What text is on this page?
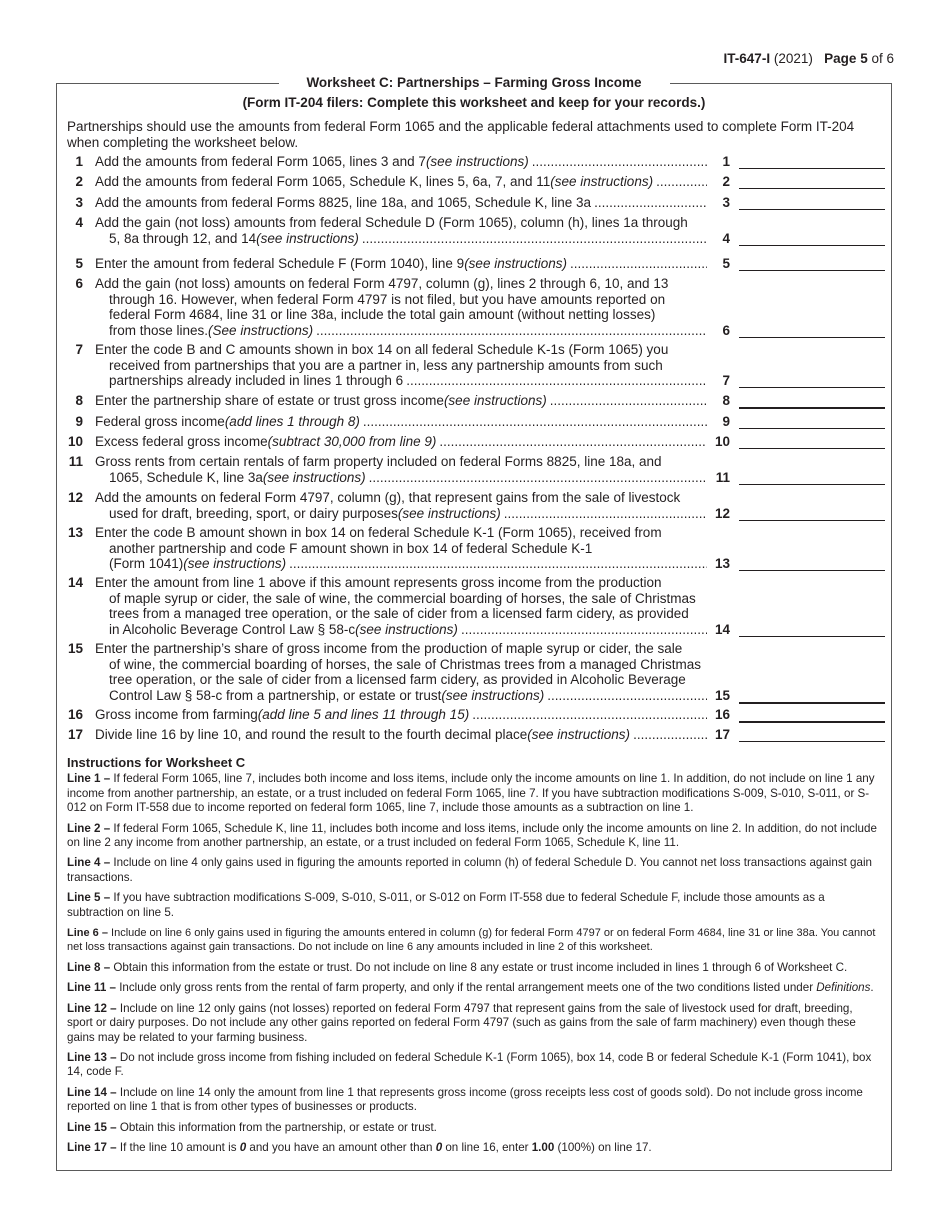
IT-647-I (2021) Page 5 of 6
Worksheet C: Partnerships – Farming Gross Income
(Form IT-204 filers: Complete this worksheet and keep for your records.)
Partnerships should use the amounts from federal Form 1065 and the applicable federal attachments used to complete Form IT-204 when completing the worksheet below.
1 Add the amounts from federal Form 1065, lines 3 and 7 (see instructions) .....	1
2 Add the amounts from federal Form 1065, Schedule K, lines 5, 6a, 7, and 11 (see instructions) .....	2
3 Add the amounts from federal Forms 8825, line 18a, and 1065, Schedule K, line 3a .....	3
4 Add the gain (not loss) amounts from federal Schedule D (Form 1065), column (h), lines 1a through
5, 8a through 12, and 14 (see instructions) .....	4
5 Enter the amount from federal Schedule F (Form 1040), line 9 (see instructions) .....	5
6 Add the gain (not loss) amounts on federal Form 4797, column (g), lines 2 through 6, 10, and 13
through 16. However, when federal Form 4797 is not filed, but you have amounts reported on
federal Form 4684, line 31 or line 38a, include the total gain amount (without netting losses)
from those lines. (See instructions) .....	6
7 Enter the code B and C amounts shown in box 14 on all federal Schedule K-1s (Form 1065) you
received from partnerships that you are a partner in, less any partnership amounts from such
partnerships already included in lines 1 through 6 .....	7
8 Enter the partnership share of estate or trust gross income (see instructions) .....	8
9 Federal gross income (add lines 1 through 8) .....	9
10 Excess federal gross income (subtract 30,000 from line 9) .....	10
11 Gross rents from certain rentals of farm property included on federal Forms 8825, line 18a, and
1065, Schedule K, line 3a (see instructions) .....	11
12 Add the amounts on federal Form 4797, column (g), that represent gains from the sale of livestock
used for draft, breeding, sport, or dairy purposes (see instructions) .....	12
13 Enter the code B amount shown in box 14 on federal Schedule K-1 (Form 1065), received from
another partnership and code F amount shown in box 14 of federal Schedule K-1
(Form 1041) (see instructions) .....	13
14 Enter the amount from line 1 above if this amount represents gross income from the production
of maple syrup or cider, the sale of wine, the commercial boarding of horses, the sale of Christmas
trees from a managed tree operation, or the sale of cider from a licensed farm cidery, as provided
in Alcoholic Beverage Control Law § 58-c (see instructions) .....	14
15 Enter the partnership’s share of gross income from the production of maple syrup or cider, the sale
of wine, the commercial boarding of horses, the sale of Christmas trees from a managed Christmas
tree operation, or the sale of cider from a licensed farm cidery, as provided in Alcoholic Beverage
Control Law § 58-c from a partnership, or estate or trust (see instructions) .....	15
16 Gross income from farming (add line 5 and lines 11 through 15) .....	16
17 Divide line 16 by line 10, and round the result to the fourth decimal place (see instructions) .....	17
Instructions for Worksheet C

Line 1 – If federal Form 1065, line 7, includes both income and loss items, include only the income amounts on line 1. In addition, do not include on line 1 any income from another partnership, an estate, or a trust included on federal Form 1065, line 7. If you have subtraction modifications S-009, S-010, S-011, or S-012 on Form IT-558 due to income reported on federal form 1065, line 7, include those amounts as a subtraction on line 1.

Line 2 – If federal Form 1065, Schedule K, line 11, includes both income and loss items, include only the income amounts on line 2. In addition, do not include on line 2 any income from another partnership, an estate, or a trust included on federal Form 1065, Schedule K, line 11.

Line 4 – Include on line 4 only gains used in figuring the amounts reported in column (h) of federal Schedule D. You cannot net loss transactions against gain transactions.

Line 5 – If you have subtraction modifications S-009, S-010, S-011, or S-012 on Form IT-558 due to federal Schedule F, include those amounts as a subtraction on line 5.

Line 6 – Include on line 6 only gains used in figuring the amounts entered in column (g) for federal Form 4797 or on federal Form 4684, line 31 or line 38a. You cannot net loss transactions against gain transactions. Do not include on line 6 any amounts included in line 2 of this worksheet.

Line 8 – Obtain this information from the estate or trust. Do not include on line 8 any estate or trust income included in lines 1 through 6 of Worksheet C.

Line 11 – Include only gross rents from the rental of farm property, and only if the rental arrangement meets one of the two conditions listed under Definitions.

Line 12 – Include on line 12 only gains (not losses) reported on federal Form 4797 that represent gains from the sale of livestock used for draft, breeding, sport or dairy purposes. Do not include any other gains reported on federal Form 4797 (such as gains from the sale of farm machinery) even though these gains may be related to your farming business.

Line 13 – Do not include gross income from fishing included on federal Schedule K-1 (Form 1065), box 14, code B or federal Schedule K-1 (Form 1041), box 14, code F.

Line 14 – Include on line 14 only the amount from line 1 that represents gross income (gross receipts less cost of goods sold). Do not include gross income reported on line 1 that is from other types of businesses or products.

Line 15 – Obtain this information from the partnership, or estate or trust.

Line 17 – If the line 10 amount is 0 and you have an amount other than 0 on line 16, enter 1.00 (100%) on line 17.
